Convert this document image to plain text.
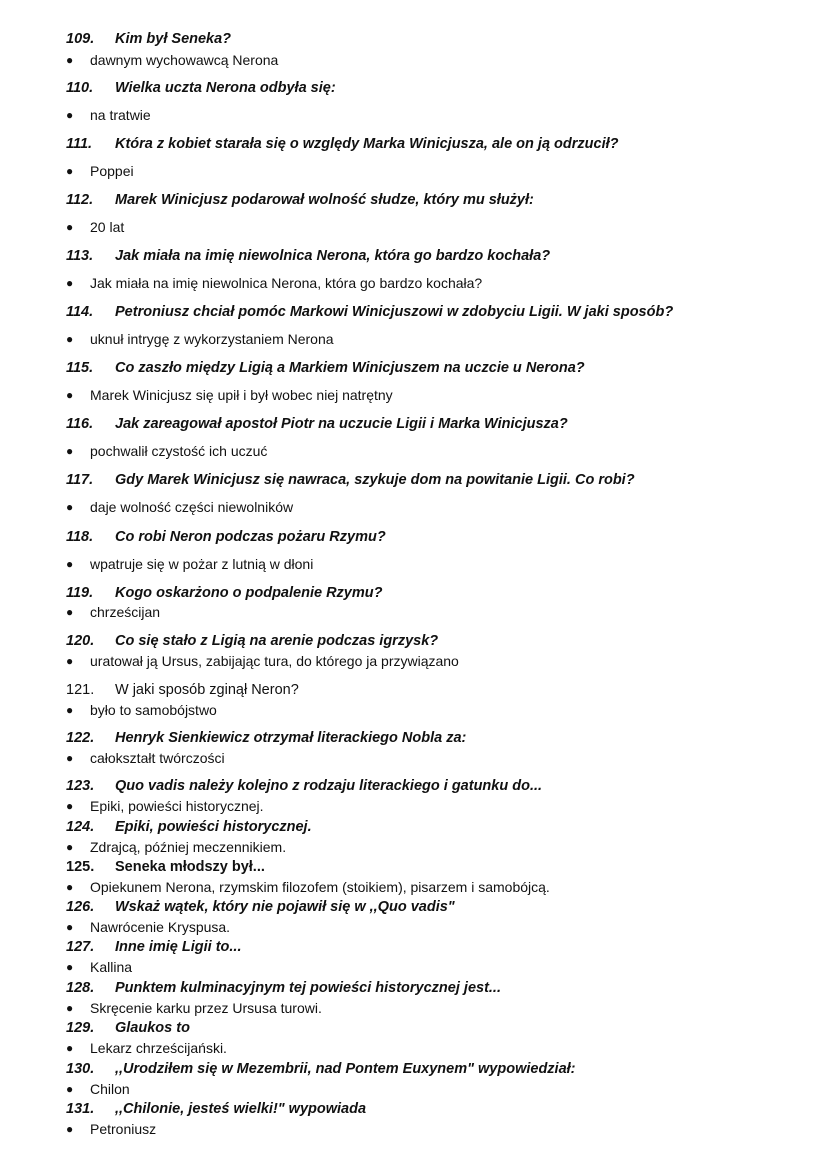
109. Kim był Seneka?
● dawnym wychowawcą Nerona
110. Wielka uczta Nerona odbyła się:
● na tratwie
111. Która z kobiet starała się o względy Marka Winicjusza, ale on ją odrzucił?
● Poppei
112. Marek Winicjusz podarował wolność słudze, który mu służył:
● 20 lat
113. Jak miała na imię niewolnica Nerona, która go bardzo kochała?
● Jak miała na imię niewolnica Nerona, która go bardzo kochała?
114. Petroniusz chciał pomóc Markowi Winicjuszowi w zdobyciu Ligii. W jaki sposób?
● uknuł intrygę z wykorzystaniem Nerona
115. Co zaszło między Ligią a Markiem Winicjuszem na uczcie u Nerona?
● Marek Winicjusz się upił i był wobec niej natrętny
116. Jak zareagował apostoł Piotr na uczucie Ligii i Marka Winicjusza?
● pochwalił czystość ich uczuć
117. Gdy Marek Winicjusz się nawraca, szykuje dom na powitanie Ligii. Co robi?
● daje wolność części niewolników
118. Co robi Neron podczas pożaru Rzymu?
● wpatruje się w pożar z lutnią w dłoni
119. Kogo oskarżono o podpalenie Rzymu?
● chrześcijan
120. Co się stało z Ligią na arenie podczas igrzysk?
● uratował ją Ursus, zabijając tura, do którego ja przywiązano
121. W jaki sposób zginął Neron?
● było to samobójstwo
122. Henryk Sienkiewicz otrzymał literackiego Nobla za:
● całokształt twórczości
123. Quo vadis należy kolejno z rodzaju literackiego i gatunku do...
● Epiki, powieści historycznej.
124. Epiki, powieści historycznej.
● Zdrajcą, później meczennikiem.
125. Seneka młodszy był...
● Opiekunem Nerona, rzymskim filozofem (stoikiem), pisarzem i samobójcą.
126. Wskaż wątek, który nie pojawił się w ,,Quo vadis"
● Nawrócenie Kryspusa.
127. Inne imię Ligii to...
● Kallina
128. Punktem kulminacyjnym tej powieści historycznej jest...
● Skręcenie karku przez Ursusa turowi.
129. Glaukos to
● Lekarz chrześcijański.
130. ,,Urodziłem się w Mezembrii, nad Pontem Euxynem" wypowiedział:
● Chilon
131. ,,Chilonie, jesteś wielki!" wypowiada
● Petroniusz
